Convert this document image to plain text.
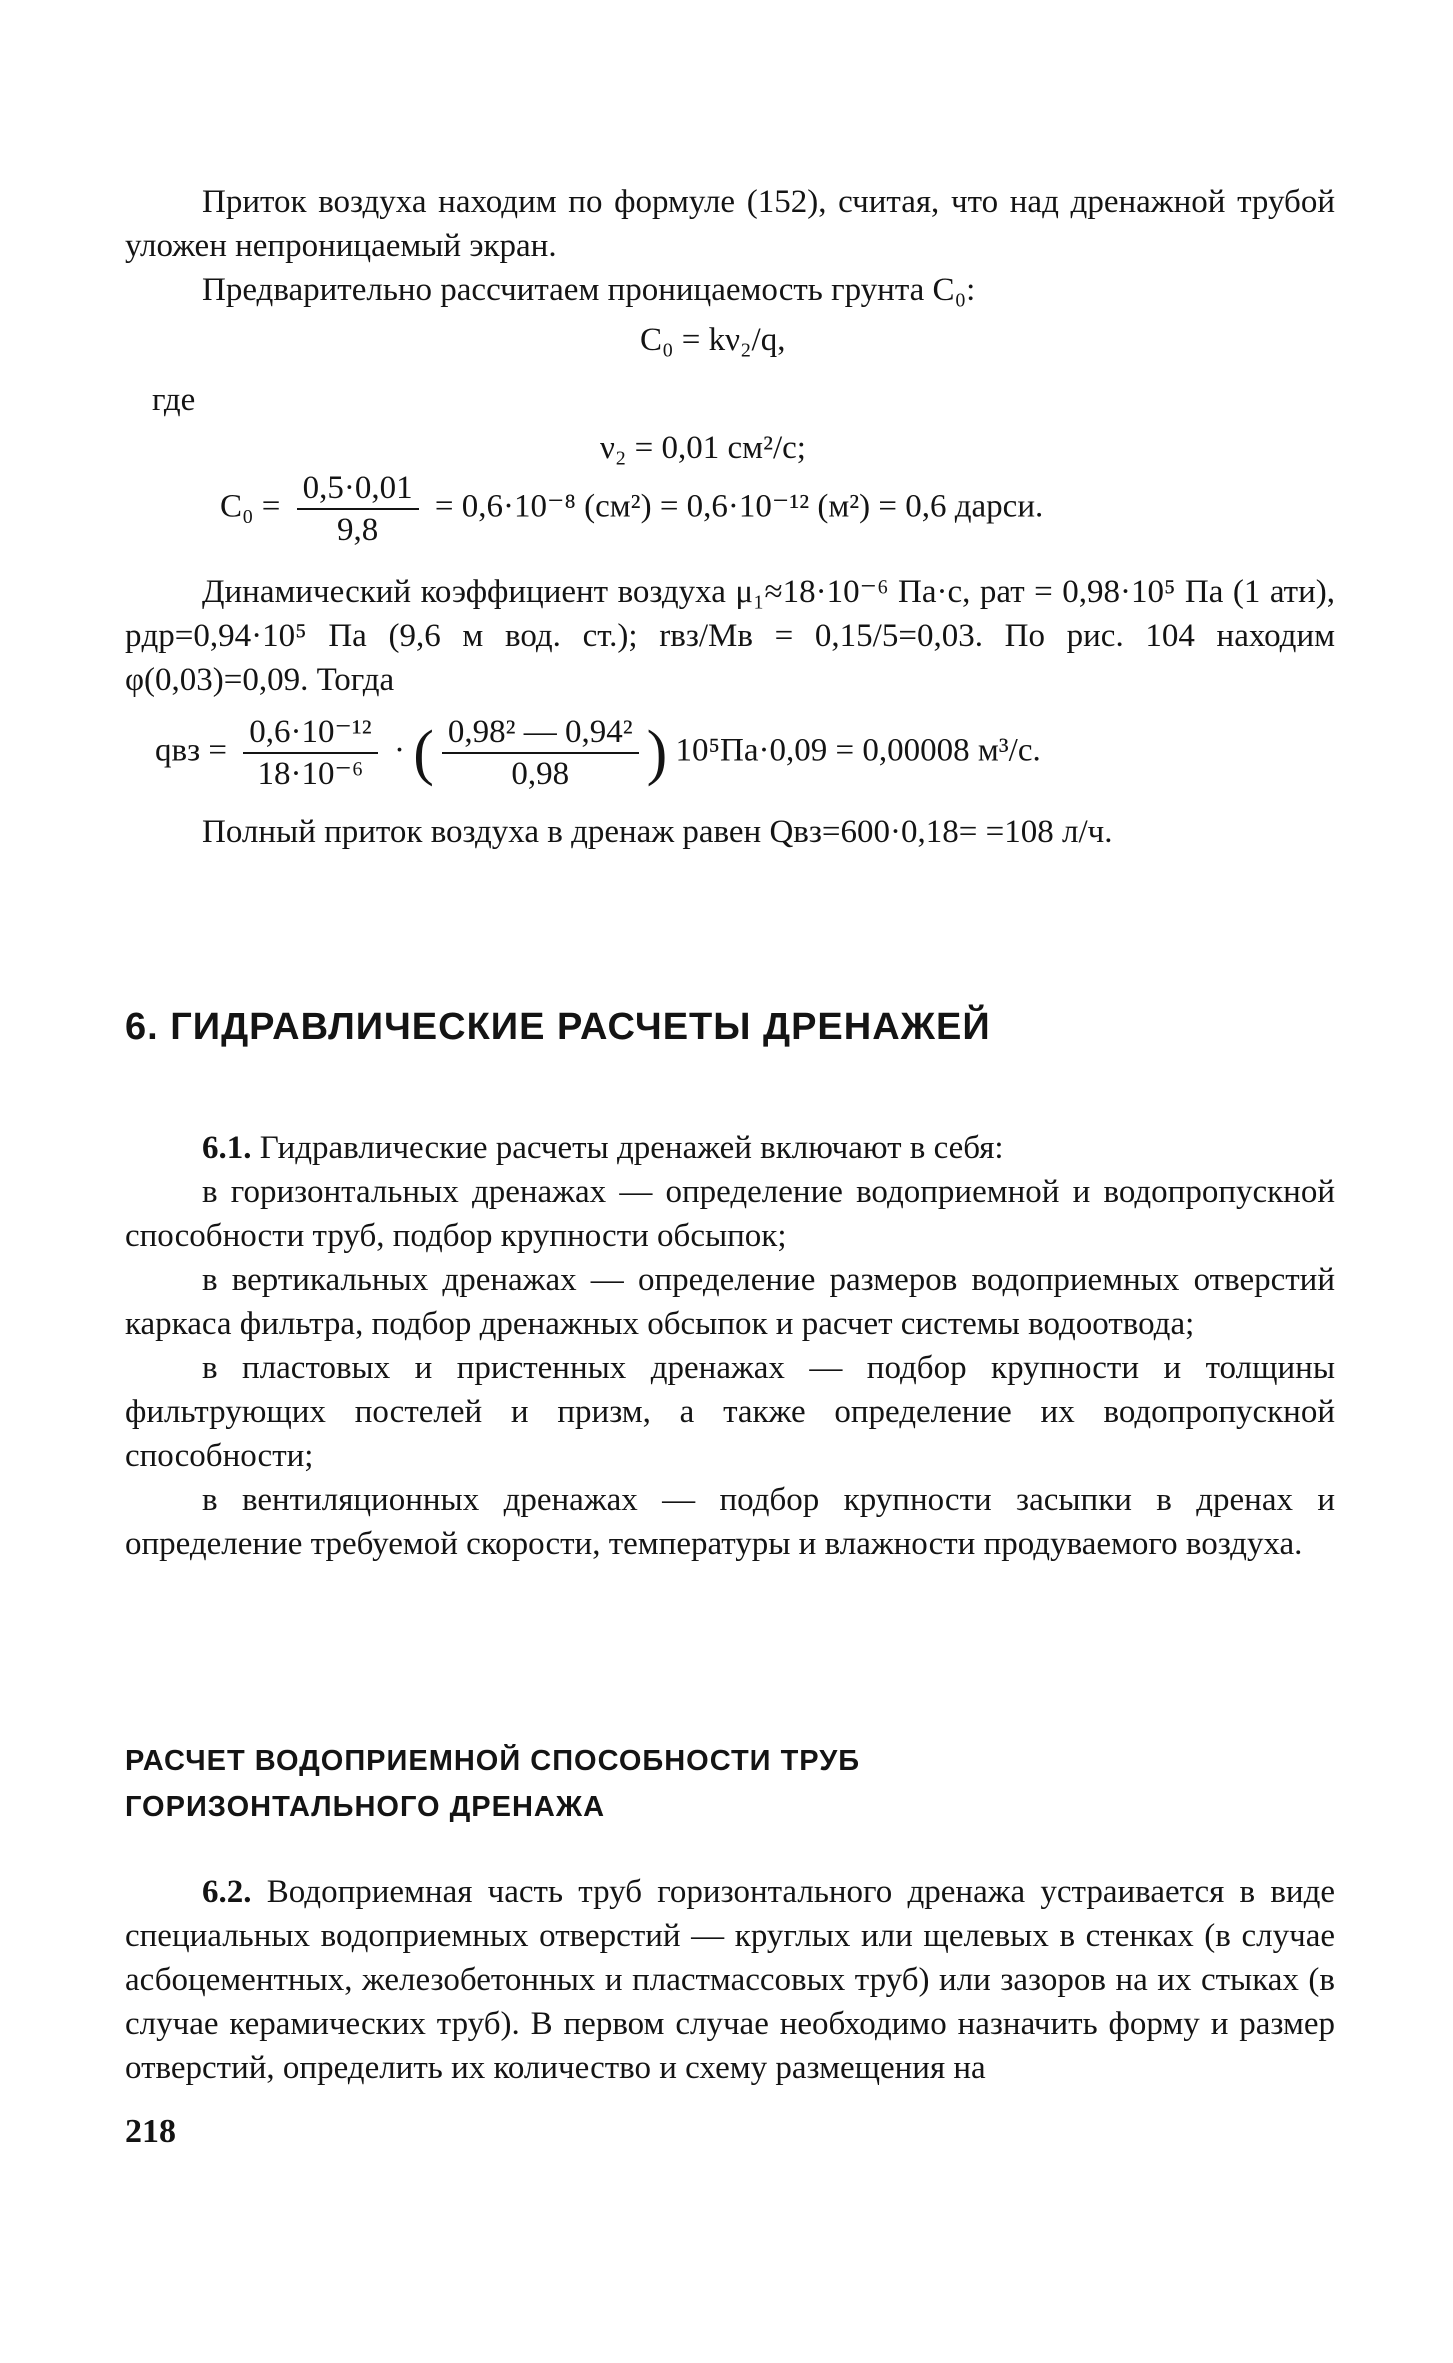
Приток воздуха находим по формуле (152), считая, что над дренажной трубой уложен непроницаемый экран.

Предварительно рассчитаем проницаемость грунта C₀:

C₀ = kν₂/q,
где
ν₂ = 0,01 см²/с;
$C_0 = \frac{0,5\cdot 0,01}{9,8} = 0,6\cdot 10^{-8}$ (см²) = 0,6·10⁻¹² (м²) = 0,6 дарси.

Динамический коэффициент воздуха μ₁≈18·10⁻⁶ Па·с, pат = 0,98·10⁵ Па (1 ати), pдр=0,94·10⁵ Па (9,6 м вод. ст.); rвз/Mв = 0,15/5=0,03. По рис. 104 находим φ(0,03)=0,09. Тогда

qвз = $\frac{\text{0,6·10⁻¹²}}{\text{18·10⁻⁶}}$ · ( $\frac{\text{0,98² — 0,94²}}{0,98}$ ) 10⁵Па·0,09 = 0,00008 м³/с.

Полный приток воздуха в дренаж равен Qвз=600·0,18= =108 л/ч.

6. ГИДРАВЛИЧЕСКИЕ РАСЧЕТЫ ДРЕНАЖЕЙ

6.1. Гидравлические расчеты дренажей включают в себя:

в горизонтальных дренажах — определение водоприемной и водопропускной способности труб, подбор крупности обсыпок;

в вертикальных дренажах — определение размеров водоприемных отверстий каркаса фильтра, подбор дренажных обсыпок и расчет системы водоотвода;

в пластовых и пристенных дренажах — подбор крупности и толщины фильтрующих постелей и призм, а также определение их водопропускной способности;

в вентиляционных дренажах — подбор крупности засыпки в дренах и определение требуемой скорости, температуры и влажности продуваемого воздуха.

РАСЧЕТ ВОДОПРИЕМНОЙ СПОСОБНОСТИ ТРУБ
ГОРИЗОНТАЛЬНОГО ДРЕНАЖА

6.2. Водоприемная часть труб горизонтального дренажа устраивается в виде специальных водоприемных отверстий — круглых или щелевых в стенках (в случае асбоцементных, железобетонных и пластмассовых труб) или зазоров на их стыках (в случае керамических труб). В первом случае необходимо назначить форму и размер отверстий, определить их количество и схему размещения на

218
